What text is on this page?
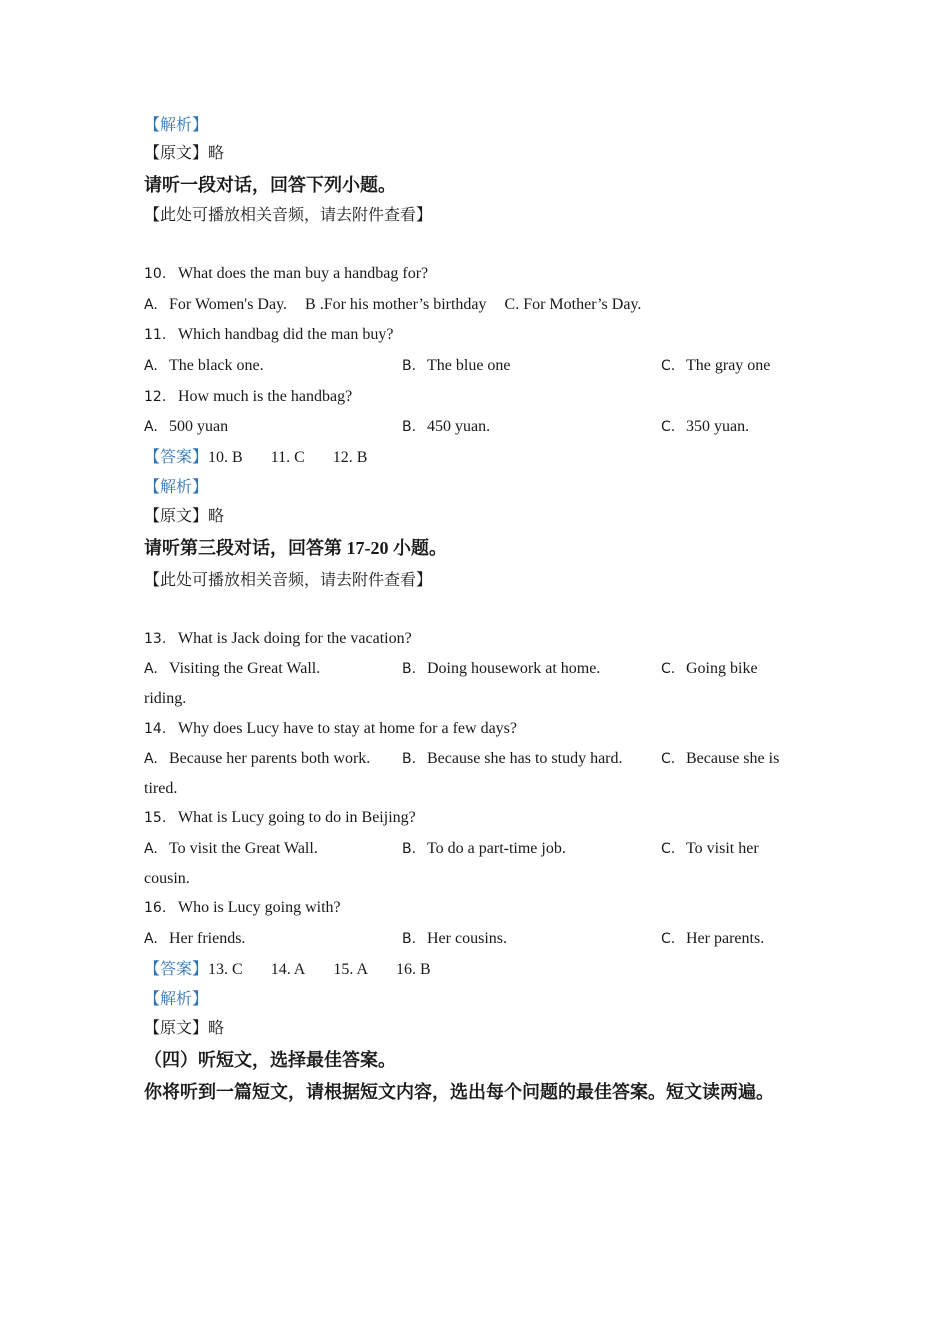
【解析】
【原文】略
请听一段对话，回答下列小题。
【此处可播放相关音频，请去附件查看】
10. What does the man buy a handbag for?
A. For Women's Day. B .For his mother’s birthday C. For Mother’s Day.
11. Which handbag did the man buy?
A. The black one.	B. The blue one	C. The gray one
12. How much is the handbag?
A. 500 yuan	B. 450 yuan.	C. 350 yuan.
【答案】10. B 11. C 12. B
【解析】
【原文】略
请听第三段对话，回答第 17-20 小题。
【此处可播放相关音频，请去附件查看】
13. What is Jack doing for the vacation?
A. Visiting the Great Wall.	B. Doing housework at home.	C. Going bike
riding.
14. Why does Lucy have to stay at home for a few days?
A. Because her parents both work. B. Because she has to study hard.	C. Because she is
tired.
15. What is Lucy going to do in Beijing?
A. To visit the Great Wall.	B. To do a part-time job.	C. To visit her
cousin.
16. Who is Lucy going with?
A. Her friends.	B. Her cousins.	C. Her parents.
【答案】13. C 14. A 15. A 16. B
【解析】
【原文】略
（四）听短文，选择最佳答案。
你将听到一篇短文，请根据短文内容，选出每个问题的最佳答案。短文读两遍。
